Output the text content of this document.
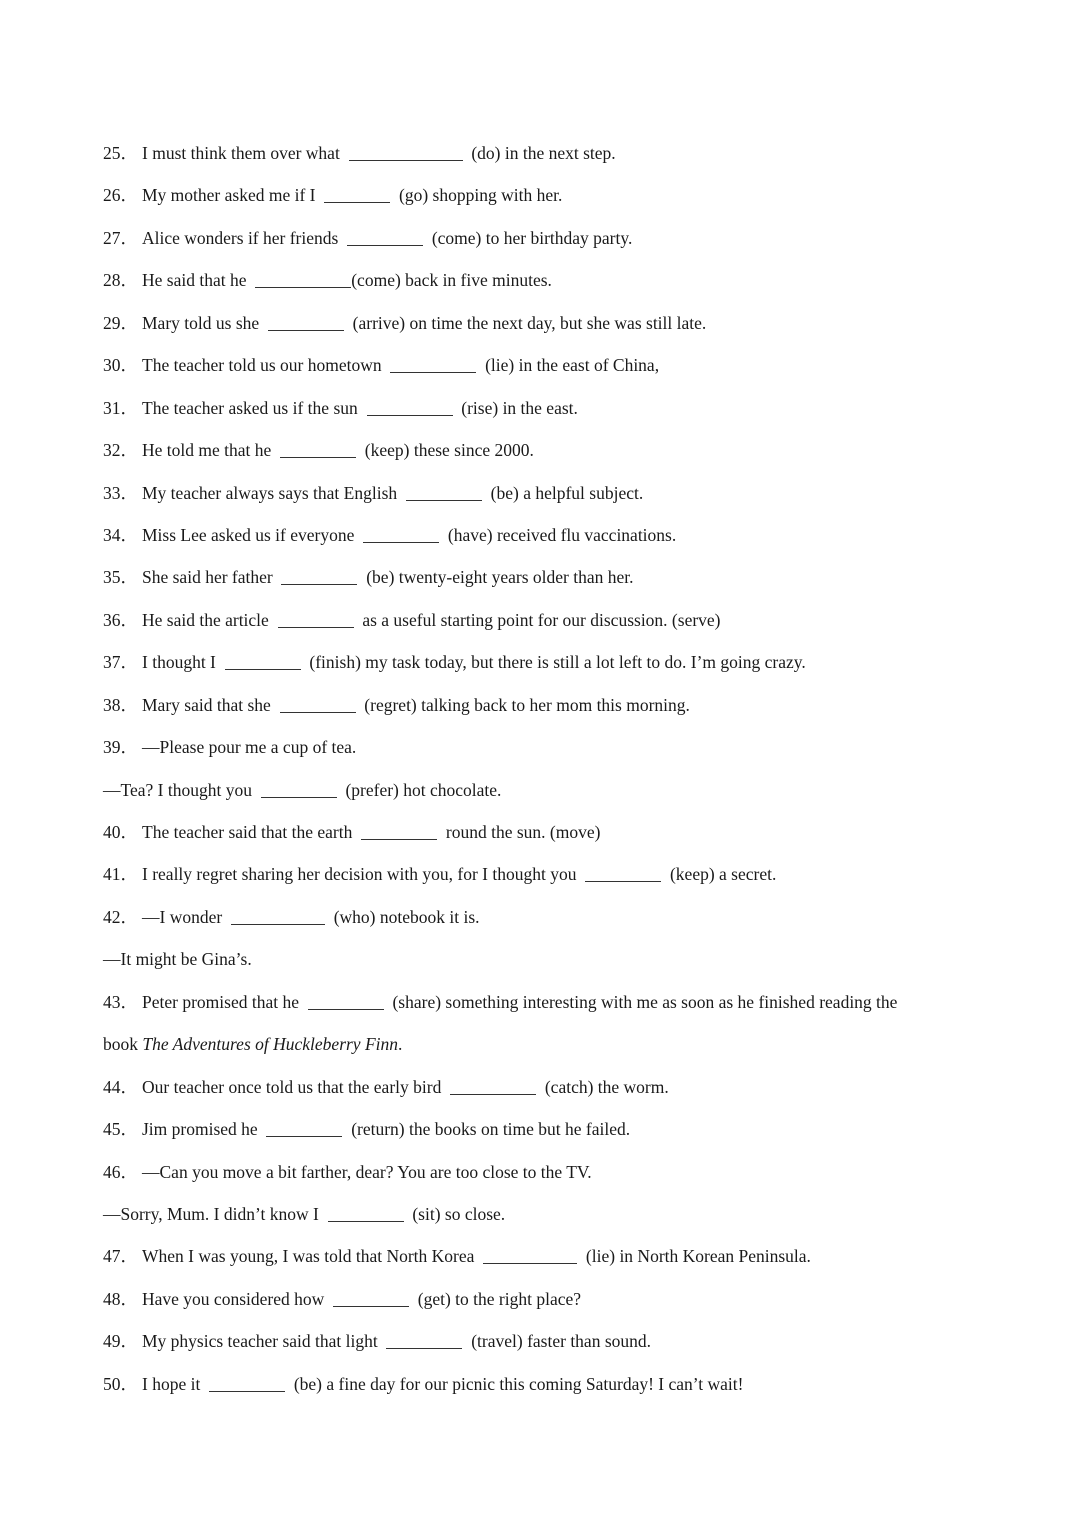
25． I must think them over what	(do) in the next step.
26． My mother asked me if I	(go) shopping with her.
27． Alice wonders if her friends	(come) to her birthday party.
28． He said that he	(come) back in five minutes.
29． Mary told us she	(arrive) on time the next day, but she was still late.
30． The teacher told us our hometown	(lie) in the east of China,
31． The teacher asked us if the sun	(rise) in the east.
32． He told me that he	(keep) these since 2000.
33． My teacher always says that English	(be) a helpful subject.
34． Miss Lee asked us if everyone	(have) received flu vaccinations.
35． She said her father	(be) twenty-eight years older than her.
36． He said the article	as a useful starting point for our discussion. (serve)
37． I thought I	(finish) my task today, but there is still a lot left to do. I’m going crazy.
38． Mary said that she	(regret) talking back to her mom this morning.
39． —Please pour me a cup of tea.
—Tea? I thought you	(prefer) hot chocolate.
40． The teacher said that the earth	round the sun. (move)
41． I really regret sharing her decision with you, for I thought you	(keep) a secret.
42． —I wonder	(who) notebook it is.
—It might be Gina’s.
43． Peter promised that he	(share) something interesting with me as soon as he finished reading the
book The Adventures of Huckleberry Finn.
44． Our teacher once told us that the early bird	(catch) the worm.
45． Jim promised he	(return) the books on time but he failed.
46． —Can you move a bit farther, dear? You are too close to the TV.
—Sorry, Mum. I didn’t know I	(sit) so close.
47． When I was young, I was told that North Korea	(lie) in North Korean Peninsula.
48． Have you considered how	(get) to the right place?
49． My physics teacher said that light	(travel) faster than sound.
50． I hope it	(be) a fine day for our picnic this coming Saturday! I can’t wait!
